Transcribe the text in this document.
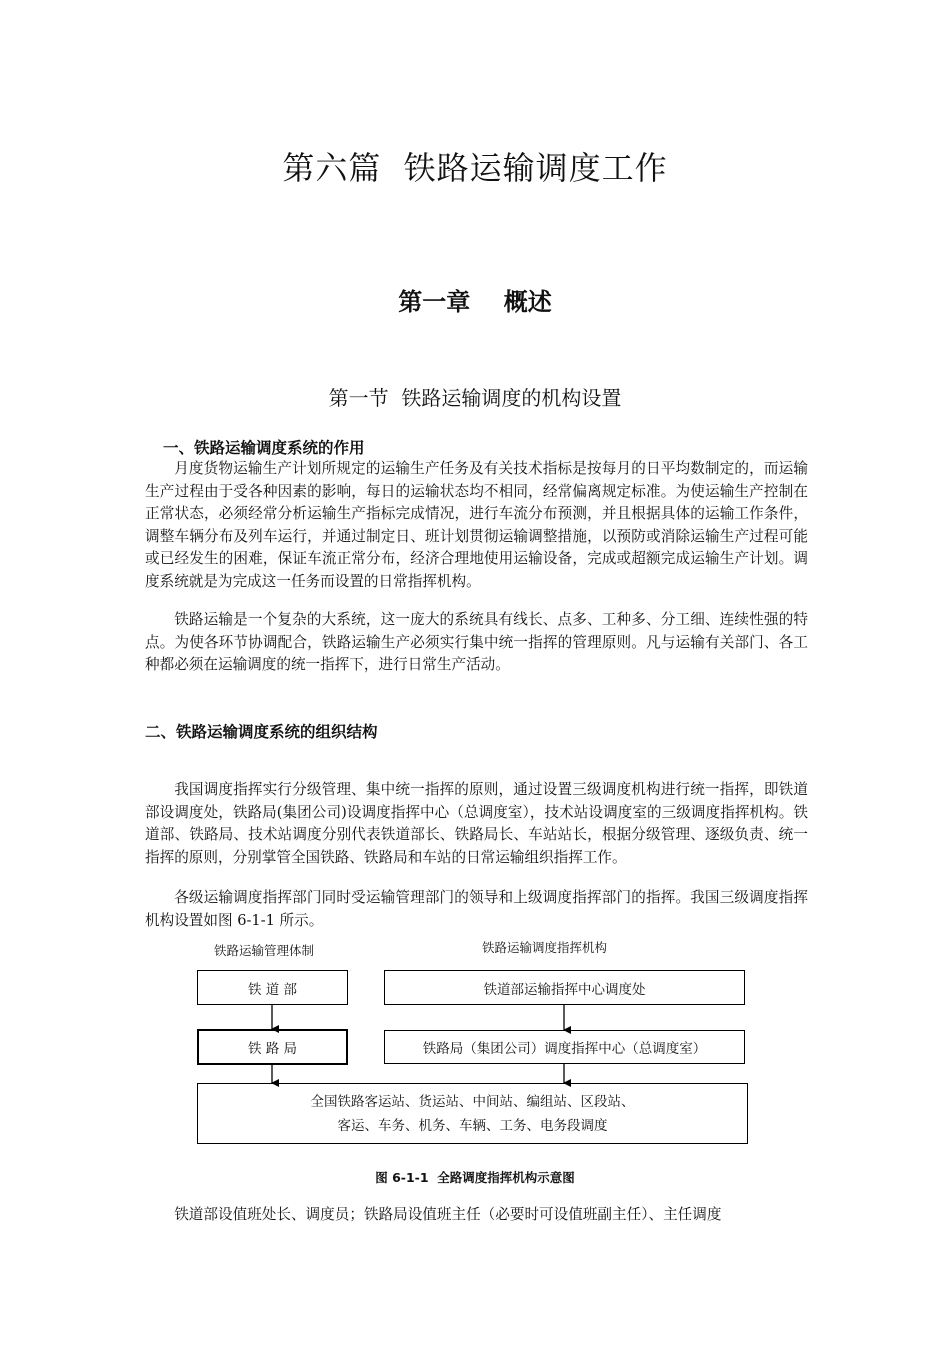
第六篇  铁路运输调度工作
第一章    概述
第一节  铁路运输调度的机构设置
一、铁路运输调度系统的作用

月度货物运输生产计划所规定的运输生产任务及有关技术指标是按每月的日平均数制定的，而运输生产过程由于受各种因素的影响，每日的运输状态均不相同，经常偏离规定标准。为使运输生产控制在正常状态，必须经常分析运输生产指标完成情况，进行车流分布预测，并且根据具体的运输工作条件，调整车辆分布及列车运行，并通过制定日、班计划贯彻运输调整措施，以预防或消除运输生产过程可能或已经发生的困难，保证车流正常分布，经济合理地使用运输设备，完成或超额完成运输生产计划。调度系统就是为完成这一任务而设置的日常指挥机构。

铁路运输是一个复杂的大系统，这一庞大的系统具有线长、点多、工种多、分工细、连续性强的特点。为使各环节协调配合，铁路运输生产必须实行集中统一指挥的管理原则。凡与运输有关部门、各工种都必须在运输调度的统一指挥下，进行日常生产活动。

二、铁路运输调度系统的组织结构

我国调度指挥实行分级管理、集中统一指挥的原则，通过设置三级调度机构进行统一指挥，即铁道部设调度处，铁路局(集团公司)设调度指挥中心（总调度室），技术站设调度室的三级调度指挥机构。铁道部、铁路局、技术站调度分别代表铁道部长、铁路局长、车站站长，根据分级管理、逐级负责、统一指挥的原则，分别掌管全国铁路、铁路局和车站的日常运输组织指挥工作。

各级运输调度指挥部门同时受运输管理部门的领导和上级调度指挥部门的指挥。我国三级调度指挥机构设置如图 6-1-1 所示。

铁路运输管理体制	铁路运输调度指挥机构
铁 道 部	铁道部运输指挥中心调度处
铁 路 局	铁路局（集团公司）调度指挥中心（总调度室）
全国铁路客运站、货运站、中间站、编组站、区段站、
客运、车务、机务、车辆、工务、电务段调度
图 6-1-1  全路调度指挥机构示意图

铁道部设值班处长、调度员；铁路局设值班主任（必要时可设值班副主任）、主任调度
